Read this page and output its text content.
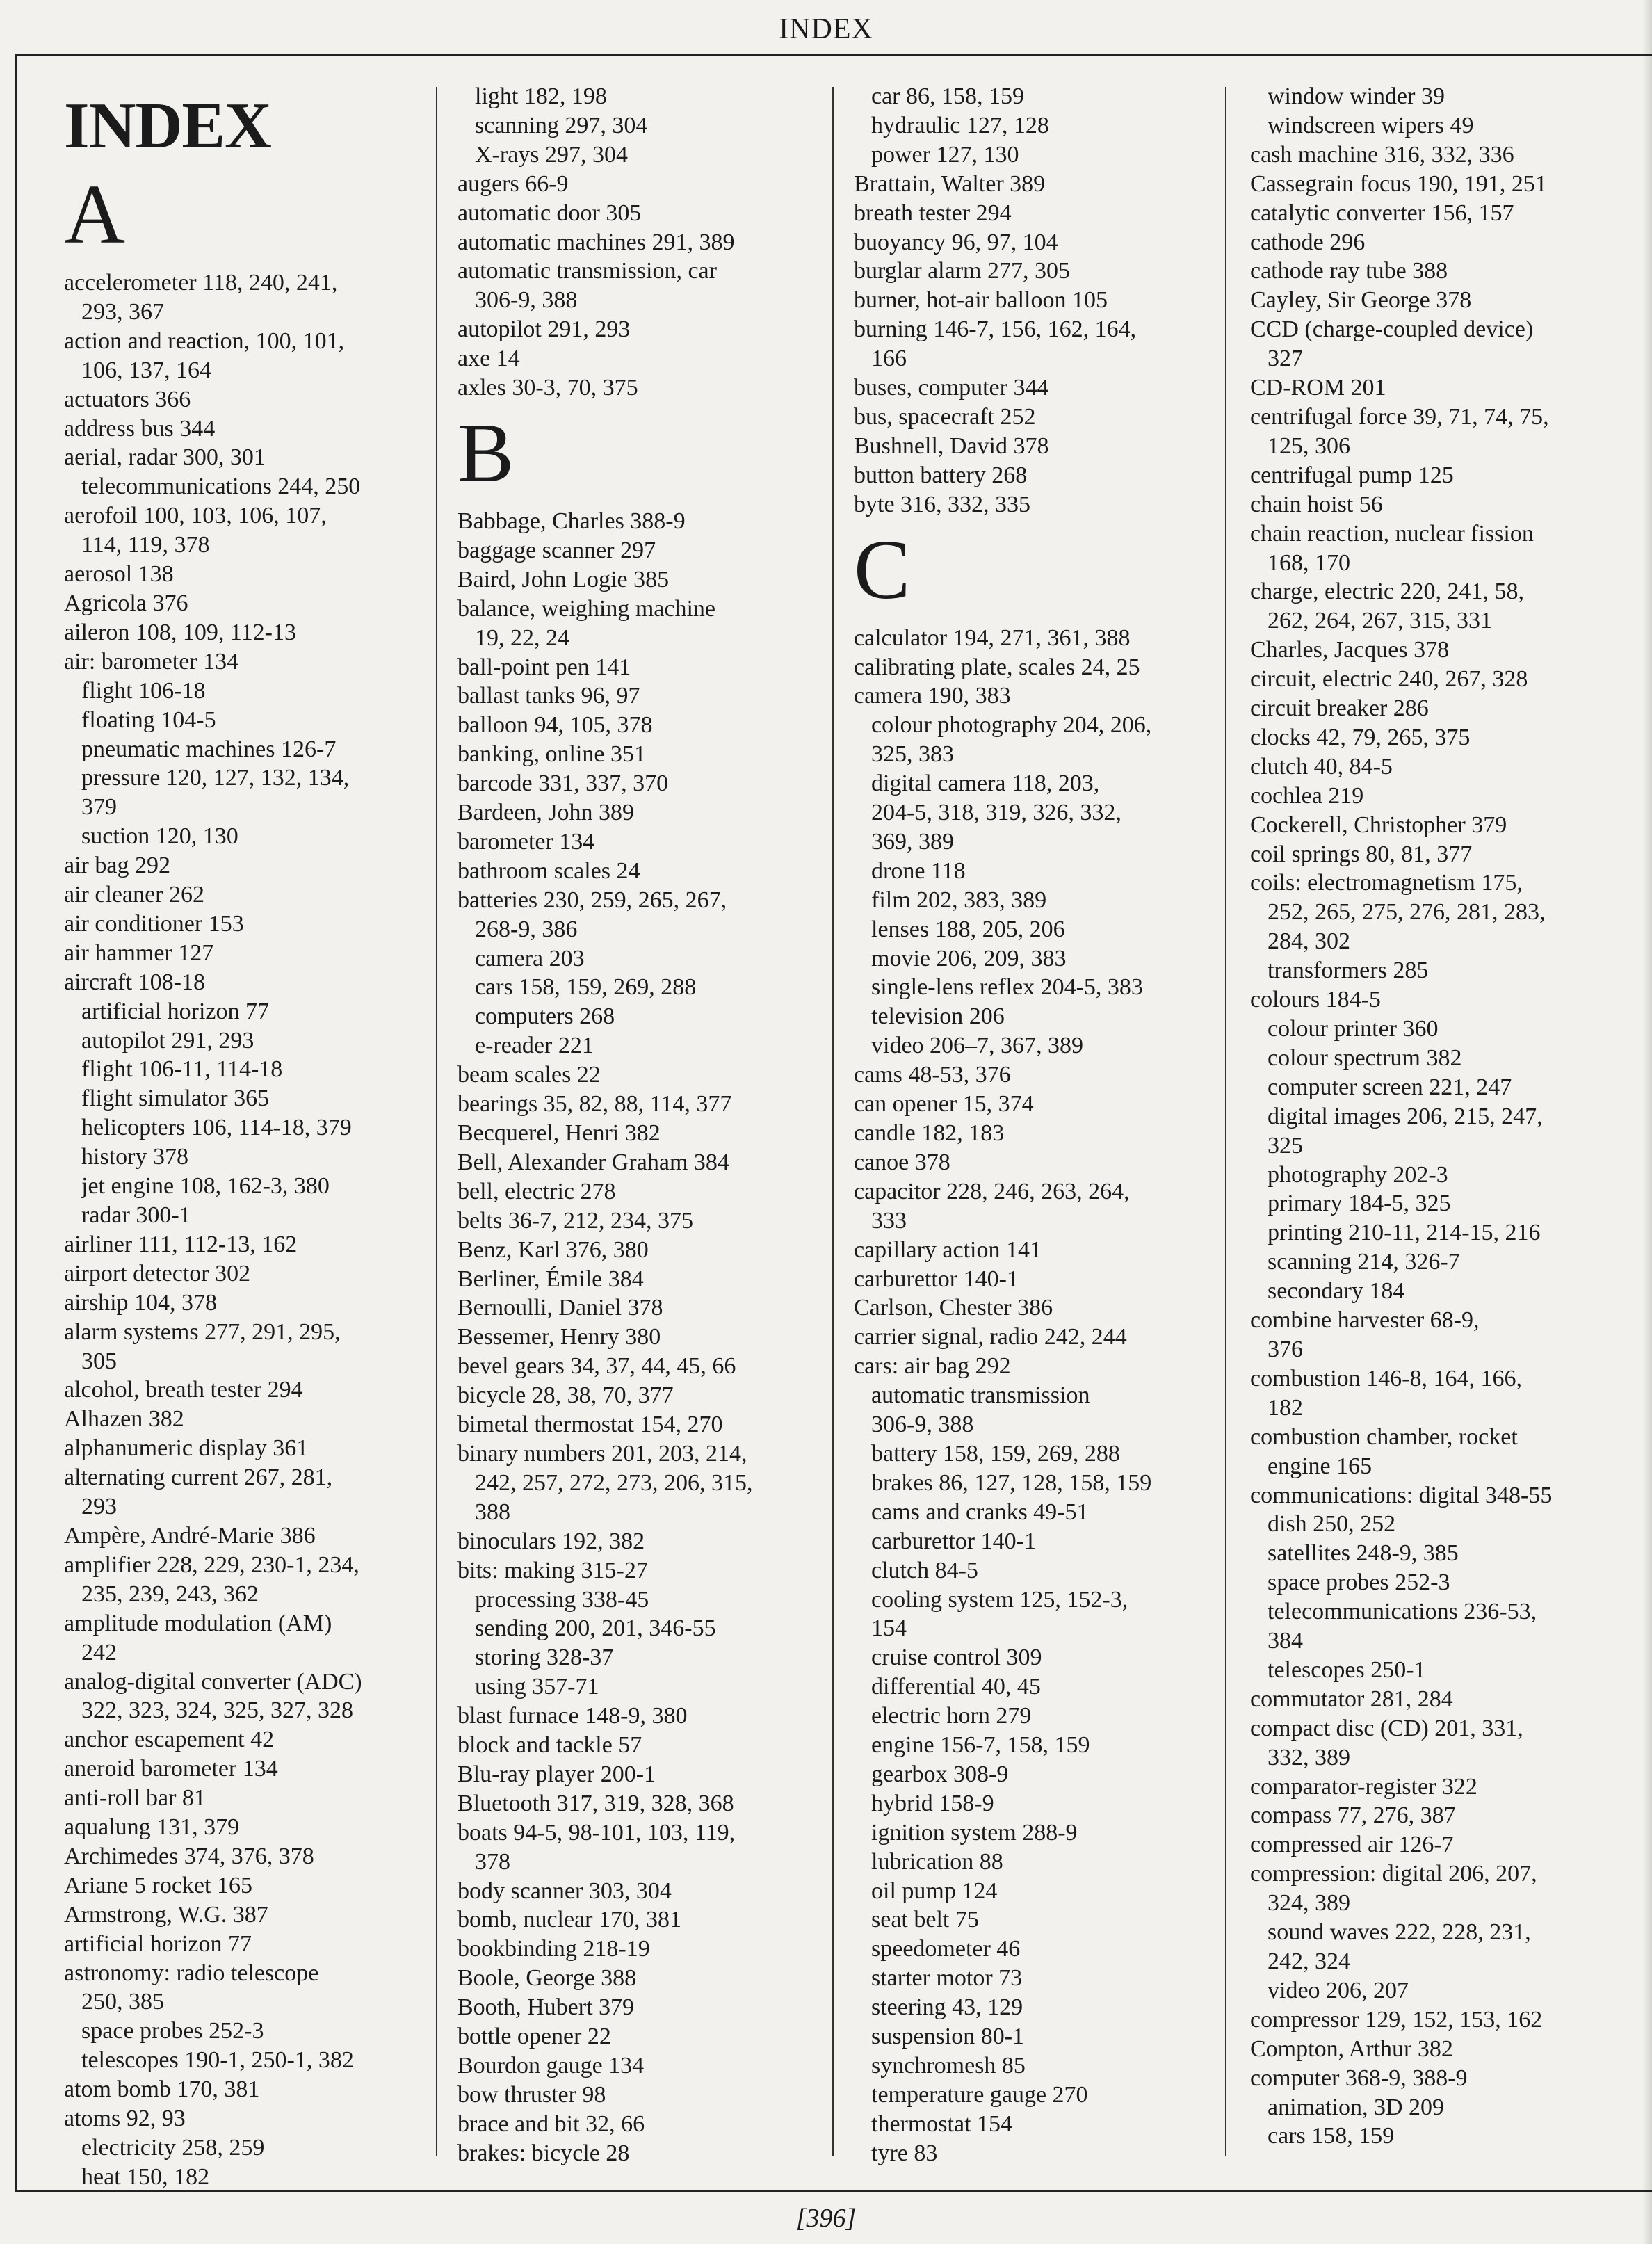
INDEX
INDEX
A
accelerometer 118, 240, 241,
293, 367
action and reaction, 100, 101,
106, 137, 164
actuators 366
address bus 344
aerial, radar 300, 301
telecommunications 244, 250
aerofoil 100, 103, 106, 107,
114, 119, 378
aerosol 138
Agricola 376
aileron 108, 109, 112-13
air: barometer 134
flight 106-18
floating 104-5
pneumatic machines 126-7
pressure 120, 127, 132, 134,
379
suction 120, 130
air bag 292
air cleaner 262
air conditioner 153
air hammer 127
aircraft 108-18
artificial horizon 77
autopilot 291, 293
flight 106-11, 114-18
flight simulator 365
helicopters 106, 114-18, 379
history 378
jet engine 108, 162-3, 380
radar 300-1
airliner 111, 112-13, 162
airport detector 302
airship 104, 378
alarm systems 277, 291, 295,
305
alcohol, breath tester 294
Alhazen 382
alphanumeric display 361
alternating current 267, 281,
293
Ampère, André-Marie 386
amplifier 228, 229, 230-1, 234,
235, 239, 243, 362
amplitude modulation (AM)
242
analog-digital converter (ADC)
322, 323, 324, 325, 327, 328
anchor escapement 42
aneroid barometer 134
anti-roll bar 81
aqualung 131, 379
Archimedes 374, 376, 378
Ariane 5 rocket 165
Armstrong, W.G. 387
artificial horizon 77
astronomy: radio telescope
250, 385
space probes 252-3
telescopes 190-1, 250-1, 382
atom bomb 170, 381
atoms 92, 93
electricity 258, 259
heat 150, 182
light 182, 198
scanning 297, 304
X-rays 297, 304
augers 66-9
automatic door 305
automatic machines 291, 389
automatic transmission, car
306-9, 388
autopilot 291, 293
axe 14
axles 30-3, 70, 375
B
Babbage, Charles 388-9
baggage scanner 297
Baird, John Logie 385
balance, weighing machine
19, 22, 24
ball-point pen 141
ballast tanks 96, 97
balloon 94, 105, 378
banking, online 351
barcode 331, 337, 370
Bardeen, John 389
barometer 134
bathroom scales 24
batteries 230, 259, 265, 267,
268-9, 386
camera 203
cars 158, 159, 269, 288
computers 268
e-reader 221
beam scales 22
bearings 35, 82, 88, 114, 377
Becquerel, Henri 382
Bell, Alexander Graham 384
bell, electric 278
belts 36-7, 212, 234, 375
Benz, Karl 376, 380
Berliner, Émile 384
Bernoulli, Daniel 378
Bessemer, Henry 380
bevel gears 34, 37, 44, 45, 66
bicycle 28, 38, 70, 377
bimetal thermostat 154, 270
binary numbers 201, 203, 214,
242, 257, 272, 273, 206, 315,
388
binoculars 192, 382
bits: making 315-27
processing 338-45
sending 200, 201, 346-55
storing 328-37
using 357-71
blast furnace 148-9, 380
block and tackle 57
Blu-ray player 200-1
Bluetooth 317, 319, 328, 368
boats 94-5, 98-101, 103, 119,
378
body scanner 303, 304
bomb, nuclear 170, 381
bookbinding 218-19
Boole, George 388
Booth, Hubert 379
bottle opener 22
Bourdon gauge 134
bow thruster 98
brace and bit 32, 66
brakes: bicycle 28
car 86, 158, 159
hydraulic 127, 128
power 127, 130
Brattain, Walter 389
breath tester 294
buoyancy 96, 97, 104
burglar alarm 277, 305
burner, hot-air balloon 105
burning 146-7, 156, 162, 164,
166
buses, computer 344
bus, spacecraft 252
Bushnell, David 378
button battery 268
byte 316, 332, 335
C
calculator 194, 271, 361, 388
calibrating plate, scales 24, 25
camera 190, 383
colour photography 204, 206,
325, 383
digital camera 118, 203,
204-5, 318, 319, 326, 332,
369, 389
drone 118
film 202, 383, 389
lenses 188, 205, 206
movie 206, 209, 383
single-lens reflex 204-5, 383
television 206
video 206–7, 367, 389
cams 48-53, 376
can opener 15, 374
candle 182, 183
canoe 378
capacitor 228, 246, 263, 264,
333
capillary action 141
carburettor 140-1
Carlson, Chester 386
carrier signal, radio 242, 244
cars: air bag 292
automatic transmission
306-9, 388
battery 158, 159, 269, 288
brakes 86, 127, 128, 158, 159
cams and cranks 49-51
carburettor 140-1
clutch 84-5
cooling system 125, 152-3,
154
cruise control 309
differential 40, 45
electric horn 279
engine 156-7, 158, 159
gearbox 308-9
hybrid 158-9
ignition system 288-9
lubrication 88
oil pump 124
seat belt 75
speedometer 46
starter motor 73
steering 43, 129
suspension 80-1
synchromesh 85
temperature gauge 270
thermostat 154
tyre 83
window winder 39
windscreen wipers 49
cash machine 316, 332, 336
Cassegrain focus 190, 191, 251
catalytic converter 156, 157
cathode 296
cathode ray tube 388
Cayley, Sir George 378
CCD (charge-coupled device)
327
CD-ROM 201
centrifugal force 39, 71, 74, 75,
125, 306
centrifugal pump 125
chain hoist 56
chain reaction, nuclear fission
168, 170
charge, electric 220, 241, 58,
262, 264, 267, 315, 331
Charles, Jacques 378
circuit, electric 240, 267, 328
circuit breaker 286
clocks 42, 79, 265, 375
clutch 40, 84-5
cochlea 219
Cockerell, Christopher 379
coil springs 80, 81, 377
coils: electromagnetism 175,
252, 265, 275, 276, 281, 283,
284, 302
transformers 285
colours 184-5
colour printer 360
colour spectrum 382
computer screen 221, 247
digital images 206, 215, 247,
325
photography 202-3
primary 184-5, 325
printing 210-11, 214-15, 216
scanning 214, 326-7
secondary 184
combine harvester 68-9,
376
combustion 146-8, 164, 166,
182
combustion chamber, rocket
engine 165
communications: digital 348-55
dish 250, 252
satellites 248-9, 385
space probes 252-3
telecommunications 236-53,
384
telescopes 250-1
commutator 281, 284
compact disc (CD) 201, 331,
332, 389
comparator-register 322
compass 77, 276, 387
compressed air 126-7
compression: digital 206, 207,
324, 389
sound waves 222, 228, 231,
242, 324
video 206, 207
compressor 129, 152, 153, 162
Compton, Arthur 382
computer 368-9, 388-9
animation, 3D 209
cars 158, 159
[396]
